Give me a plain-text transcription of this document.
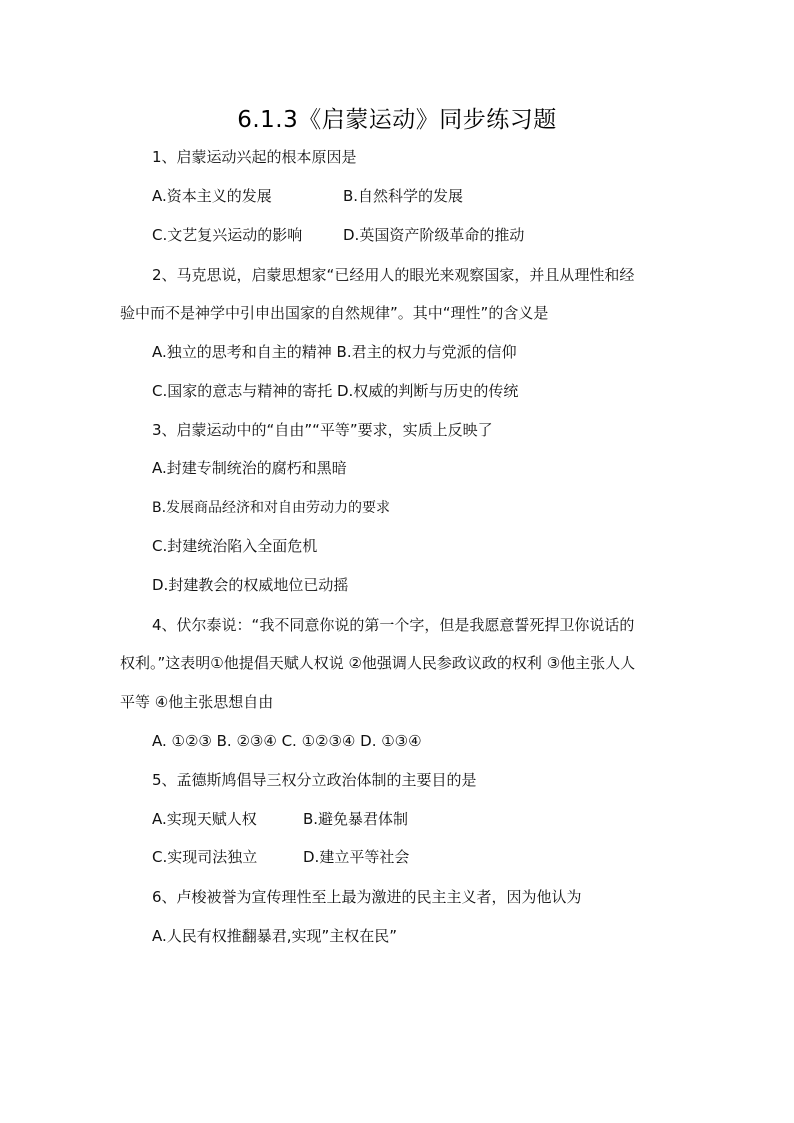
6.1.3《启蒙运动》同步练习题
1、启蒙运动兴起的根本原因是
A.资本主义的发展	B.自然科学的发展
C.文艺复兴运动的影响	D.英国资产阶级革命的推动
2、马克思说，启蒙思想家“已经用人的眼光来观察国家，并且从理性和经
验中而不是神学中引申出国家的自然规律”。其中“理性”的含义是
A.独立的思考和自主的精神 B.君主的权力与党派的信仰
C.国家的意志与精神的寄托 D.权威的判断与历史的传统
3、启蒙运动中的“自由”“平等”要求，实质上反映了
A.封建专制统治的腐朽和黑暗
B.发展商品经济和对自由劳动力的要求
C.封建统治陷入全面危机
D.封建教会的权威地位已动摇
4、伏尔泰说：“我不同意你说的第一个字，但是我愿意誓死捍卫你说话的
权利。”这表明①他提倡天赋人权说 ②他强调人民参政议政的权利 ③他主张人人
平等 ④他主张思想自由
A. ①②③ B. ②③④ C. ①②③④ D. ①③④
5、孟德斯鸠倡导三权分立政治体制的主要目的是
A.实现天赋人权	B.避免暴君体制
C.实现司法独立	D.建立平等社会
6、卢梭被誉为宣传理性至上最为激进的民主主义者，因为他认为
A.人民有权推翻暴君,实现”主权在民”
